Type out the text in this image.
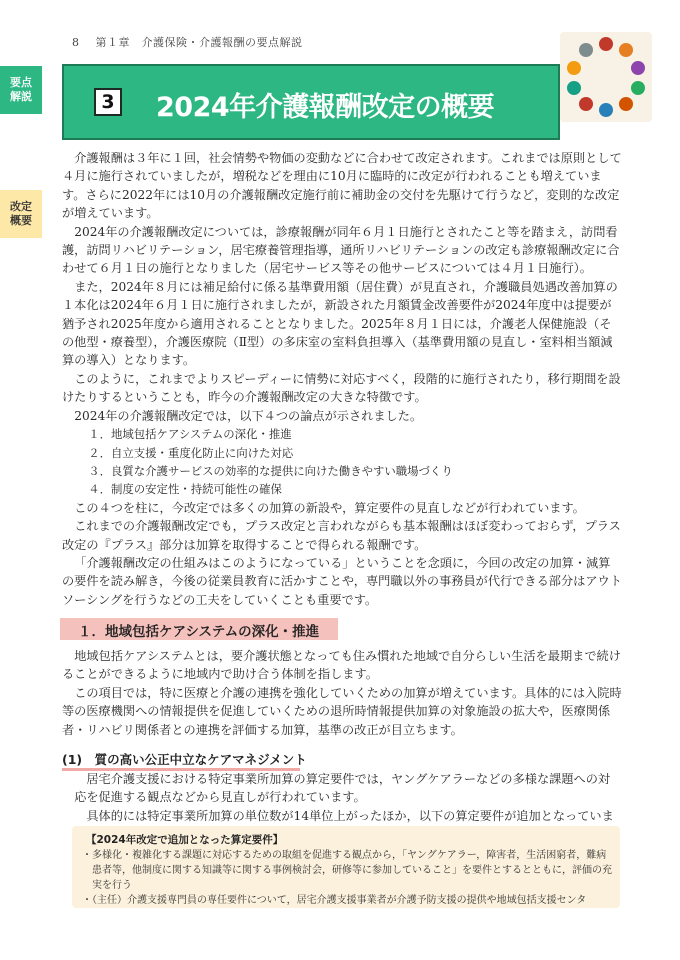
8 第１章　介護保険・介護報酬の要点解説
要点
解説
改定
概要
3 2024年介護報酬改定の概要

介護報酬は３年に１回，社会情勢や物価の変動などに合わせて改定されます。これまでは原則として４月に施行されていましたが，増税などを理由に10月に臨時的に改定が行われることも増えています。さらに2022年には10月の介護報酬改定施行前に補助金の交付を先駆けて行うなど，変則的な改定が増えています。

2024年の介護報酬改定については，診療報酬が同年６月１日施行とされたこと等を踏まえ，訪問看護，訪問リハビリテーション，居宅療養管理指導，通所リハビリテーションの改定も診療報酬改定に合わせて６月１日の施行となりました（居宅サービス等その他サービスについては４月１日施行）。

また，2024年８月には補足給付に係る基準費用額（居住費）が見直され，介護職員処遇改善加算の１本化は2024年６月１日に施行されましたが，新設された月額賃金改善要件が2024年度中は提要が猶予され2025年度から適用されることとなりました。2025年８月１日には，介護老人保健施設（その他型・療養型），介護医療院（Ⅱ型）の多床室の室料負担導入（基準費用額の見直し・室料相当額減算の導入）となります。

このように，これまでよりスピーディーに情勢に対応すべく，段階的に施行されたり，移行期間を設けたりするということも，昨今の介護報酬改定の大きな特徴です。

2024年の介護報酬改定では，以下４つの論点が示されました。

１．地域包括ケアシステムの深化・推進

２．自立支援・重度化防止に向けた対応

３．良質な介護サービスの効率的な提供に向けた働きやすい職場づくり

４．制度の安定性・持続可能性の確保

この４つを柱に，今改定では多くの加算の新設や，算定要件の見直しなどが行われています。

これまでの介護報酬改定でも，プラス改定と言われながらも基本報酬はほぼ変わっておらず，プラス改定の『プラス』部分は加算を取得することで得られる報酬です。

「介護報酬改定の仕組みはこのようになっている」ということを念頭に，今回の改定の加算・減算の要件を読み解き，今後の従業員教育に活かすことや，専門職以外の事務員が代行できる部分はアウトソーシングを行うなどの工夫をしていくことも重要です。

１．地域包括ケアシステムの深化・推進

地域包括ケアシステムとは，要介護状態となっても住み慣れた地域で自分らしい生活を最期まで続けることができるように地域内で助け合う体制を指します。

この項目では，特に医療と介護の連携を強化していくための加算が増えています。具体的には入院時等の医療機関への情報提供を促進していくための退所時情報提供加算の対象施設の拡大や，医療関係者・リハビリ関係者との連携を評価する加算，基準の改正が目立ちます。

(1)　質の高い公正中立なケアマネジメント

居宅介護支援における特定事業所加算の算定要件では，ヤングケアラーなどの多様な課題への対応を促進する観点などから見直しが行われています。

具体的には特定事業所加算の単位数が14単位上がったほか，以下の算定要件が追加となっていま

【2024年改定で追加となった算定要件】
・多様化・複雑化する課題に対応するための取組を促進する観点から，「ヤングケアラー，障害者，生活困窮者，難病患者等，他制度に関する知識等に関する事例検討会，研修等に参加していること」を要件とするとともに，評価の充実を行う
・（主任）介護支援専門員の専任要件について，居宅介護支援事業者が介護予防支援の提供や地域包括支援センタ
